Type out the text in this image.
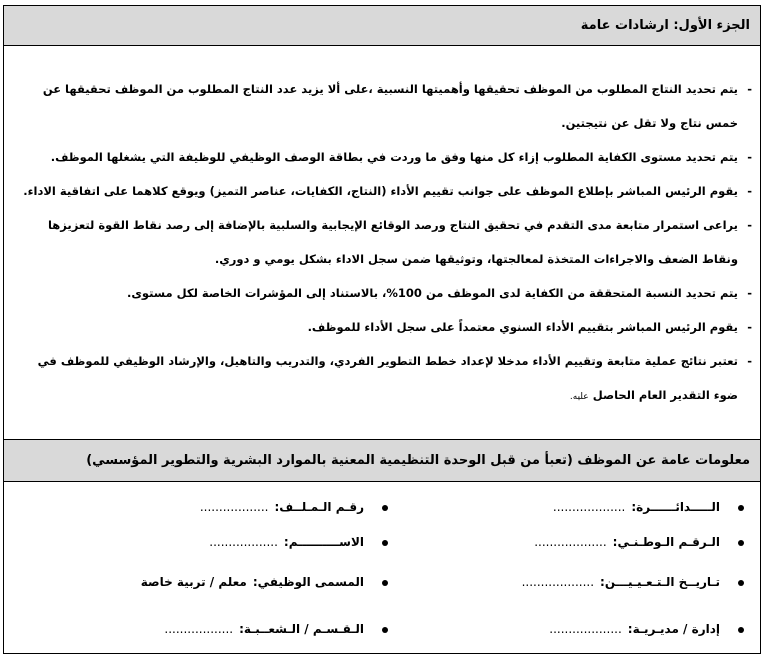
الجزء الأول: ارشادات عامة
-
يتم تحديد النتاج المطلوب من الموظف تحقيقها وأهميتها النسبية ،على ألا يزيد عدد النتاج المطلوب من الموظف تحقيقها عن خمس نتاج ولا تقل عن نتيجتين.
-
يتم تحديد مستوى الكفاية المطلوب إزاء كل منها وفق ما وردت في بطاقة الوصف الوظيفي للوظيفة التي يشغلها الموظف.
-
يقوم الرئيس المباشر بإطلاع الموظف على جوانب تقييم الأداء (النتاج، الكفايات، عناصر التميز) ويوقع كلاهما على اتفاقية الاداء.
-
يراعى استمرار متابعة مدى التقدم في تحقيق النتاج ورصد الوقائع الإيجابية والسلبية بالإضافة إلى رصد نقاط القوة لتعزيزها ونقاط الضعف والاجراءات المتخذة لمعالجتها، وتوثيقها ضمن سجل الاداء بشكل يومي و دوري.
-
يتم تحديد النسبة المتحققة من الكفاية لدى الموظف من 100%، بالاستناد إلى المؤشرات الخاصة لكل مستوى.
-
يقوم الرئيس المباشر بتقييم الأداء السنوي معتمداً على سجل الأداء للموظف.
-
تعتبر نتائج عملية متابعة وتقييم الأداء مدخلا لإعداد خطط التطوير الفردي، والتدريب والتاهيل، والإرشاد الوظيفي للموظف في ضوء التقدير العام الحاصل عليه.
معلومات عامة عن الموظف (تعبأ من قبل الوحدة التنظيمية المعنية بالموارد البشرية والتطوير المؤسسي)
الـــــدائــــــرة:...................
رقـم الـمـلــف:..................
الـرقـم الـوطـنـي:...................
الاســــــــــم:..................
تـاريــخ الـتـعـيـيـــن:...................
المسمى الوظيفي:معلم / تربية خاصة
إدارة / مديـريـة:...................
الـقـسـم / الـشعــبـة:..................
